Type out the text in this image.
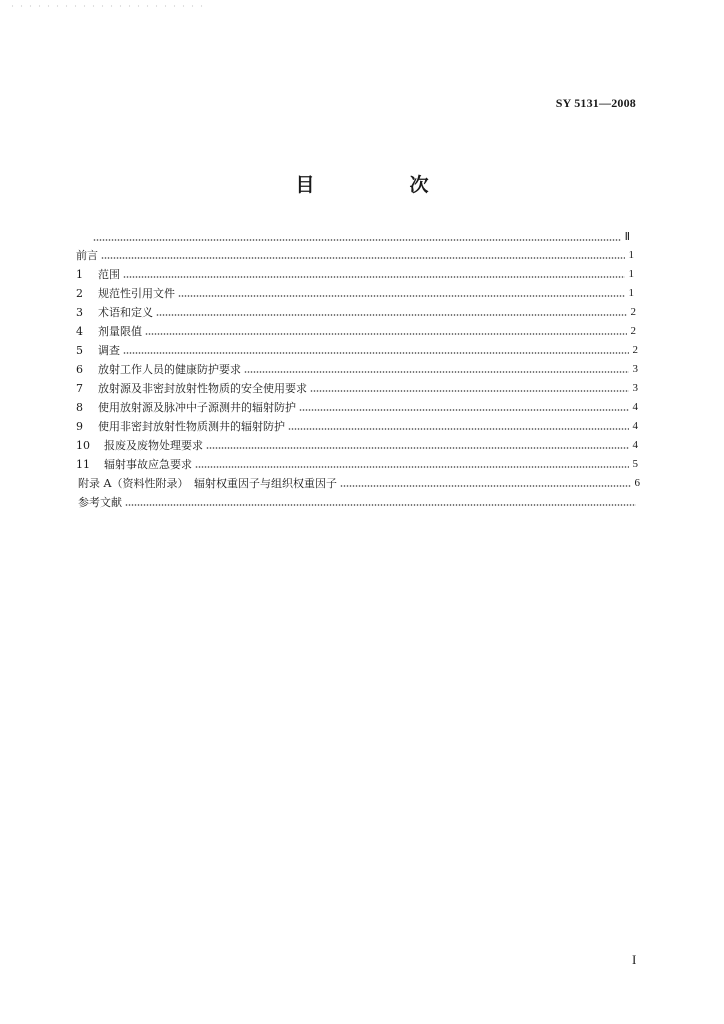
SY 5131—2008
目　次
Ⅱ
前言	1
1	范围	1
2	规范性引用文件	1
3	术语和定义	2
4	剂量限值	2
5	调查	2
6	放射工作人员的健康防护要求	3
7	放射源及非密封放射性物质的安全使用要求	3
8	使用放射源及脉冲中子源测井的辐射防护	4
9	使用非密封放射性物质测井的辐射防护	4
10	报废及废物处理要求	4
11	辐射事故应急要求	5
附录 A（资料性附录）　辐射权重因子与组织权重因子	6
参考文献
I
